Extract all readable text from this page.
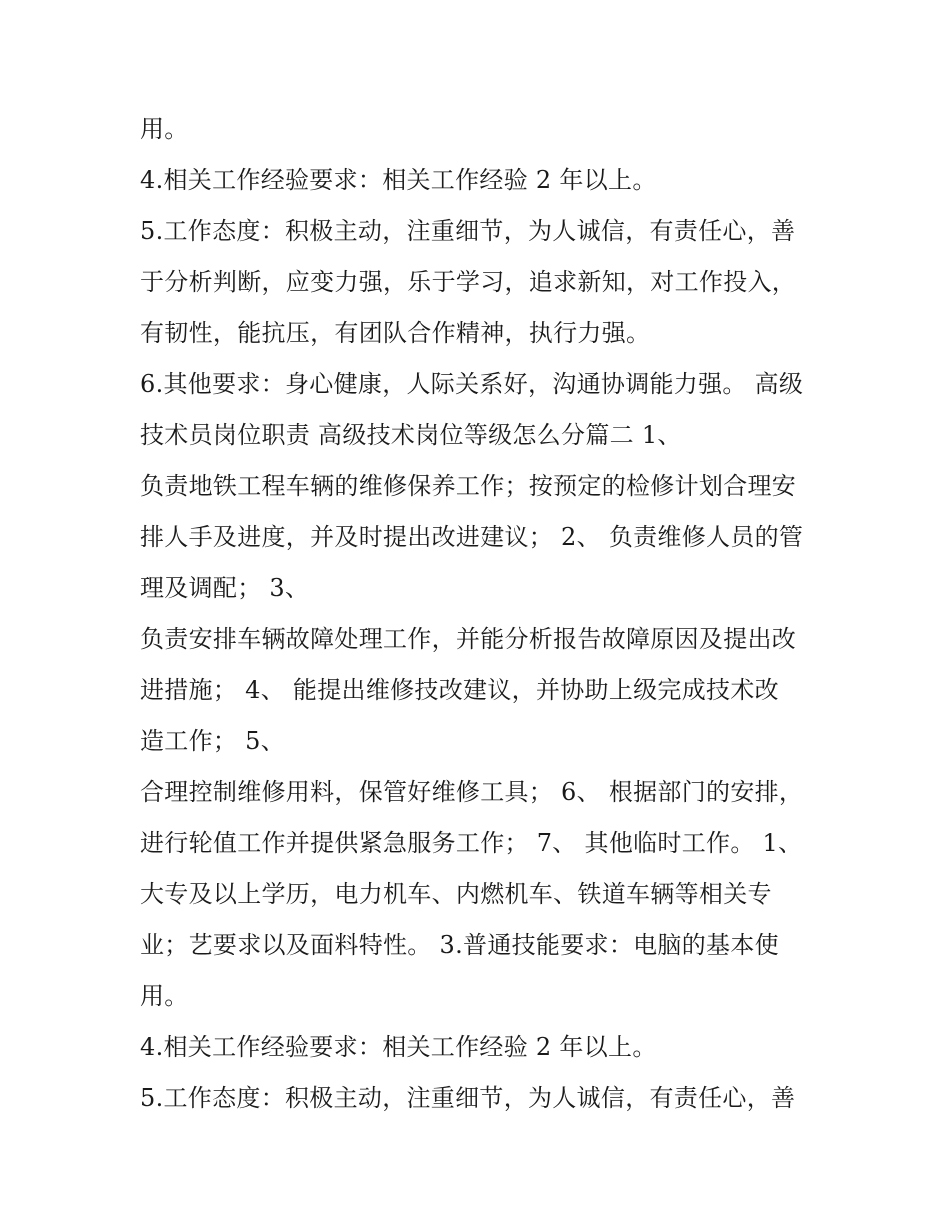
用。
4.相关工作经验要求：相关工作经验 2 年以上。
5.工作态度：积极主动，注重细节，为人诚信，有责任心，善
于分析判断，应变力强，乐于学习，追求新知，对工作投入，
有韧性，能抗压，有团队合作精神，执行力强。
6.其他要求：身心健康，人际关系好，沟通协调能力强。 高级
技术员岗位职责 高级技术岗位等级怎么分篇二 1、
负责地铁工程车辆的维修保养工作；按预定的检修计划合理安
排人手及进度，并及时提出改进建议； 2、 负责维修人员的管
理及调配； 3、
负责安排车辆故障处理工作，并能分析报告故障原因及提出改
进措施； 4、 能提出维修技改建议，并协助上级完成技术改
造工作； 5、
合理控制维修用料，保管好维修工具； 6、 根据部门的安排，
进行轮值工作并提供紧急服务工作； 7、 其他临时工作。 1、
大专及以上学历，电力机车、内燃机车、铁道车辆等相关专
业；艺要求以及面料特性。 3.普通技能要求：电脑的基本使
用。
4.相关工作经验要求：相关工作经验 2 年以上。
5.工作态度：积极主动，注重细节，为人诚信，有责任心，善
